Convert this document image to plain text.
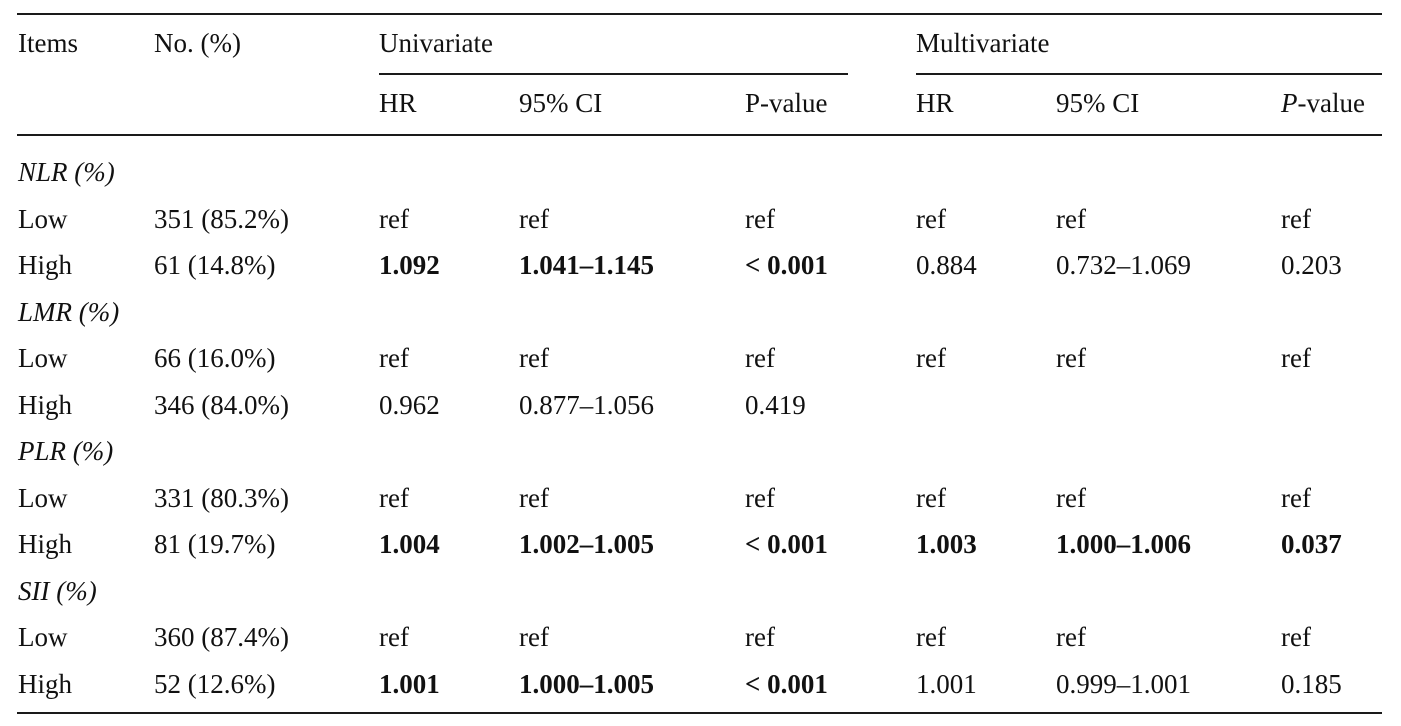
Items	No. (%)	Univariate	Multivariate
HR	95% CI	P-value	HR	95% CI	P-value
NLR (%)
Low	351 (85.2%)	ref	ref	ref	ref	ref	ref
High	61 (14.8%)	1.092	1.041–1.145	< 0.001	0.884	0.732–1.069	0.203
LMR (%)
Low	66 (16.0%)	ref	ref	ref	ref	ref	ref
High	346 (84.0%)	0.962	0.877–1.056	0.419
PLR (%)
Low	331 (80.3%)	ref	ref	ref	ref	ref	ref
High	81 (19.7%)	1.004	1.002–1.005	< 0.001	1.003	1.000–1.006	0.037
SII (%)
Low	360 (87.4%)	ref	ref	ref	ref	ref	ref
High	52 (12.6%)	1.001	1.000–1.005	< 0.001	1.001	0.999–1.001	0.185
